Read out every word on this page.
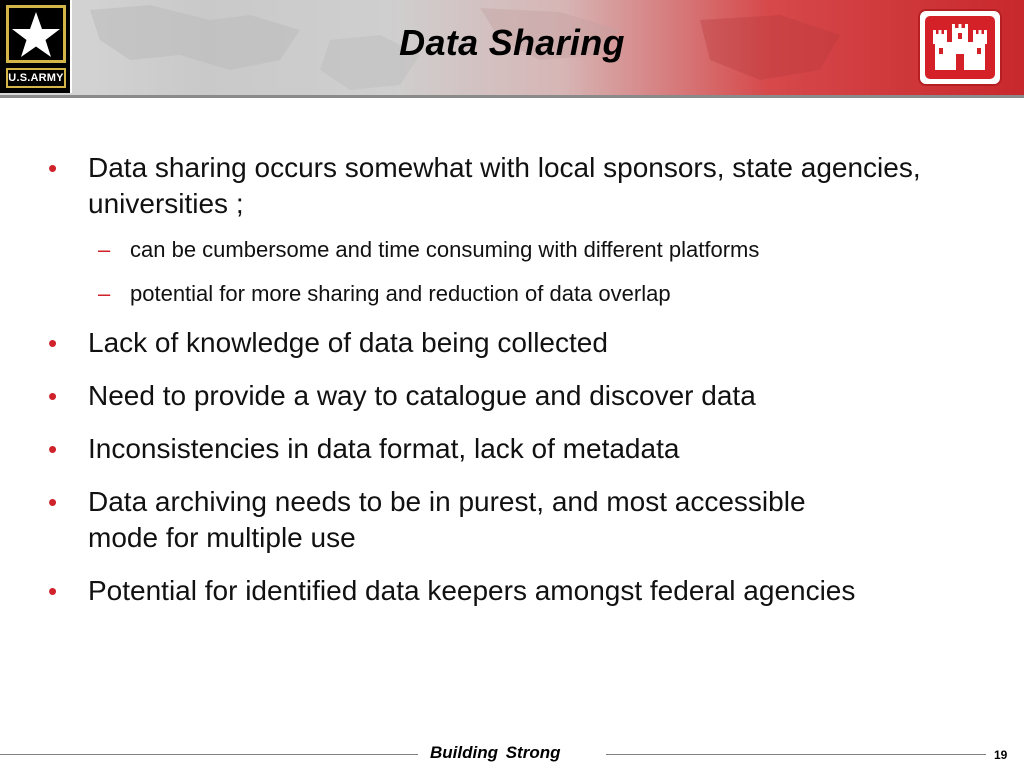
U.S.ARMY
Data Sharing
• Data sharing occurs somewhat with local sponsors, state agencies, universities ;
– can be cumbersome and time consuming with different platforms
– potential for more sharing and reduction of data overlap
• Lack of knowledge of data being collected
• Need to provide a way to catalogue and discover data
• Inconsistencies in data format, lack of metadata
• Data archiving needs to be in purest, and most accessible mode for multiple use
• Potential for identified data keepers amongst federal agencies
Building Strong	19
